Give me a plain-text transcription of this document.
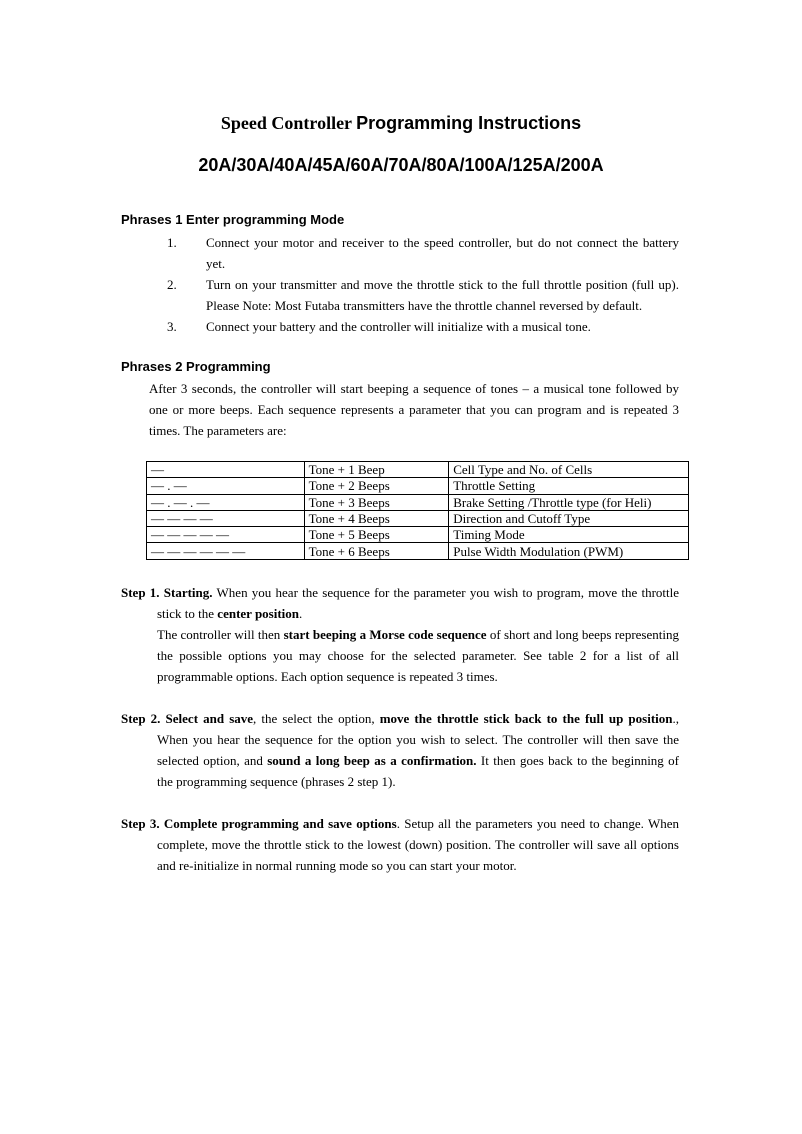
Speed Controller Programming Instructions
20A/30A/40A/45A/60A/70A/80A/100A/125A/200A
Phrases 1 Enter programming Mode
1. Connect your motor and receiver to the speed controller, but do not connect the battery yet.
2. Turn on your transmitter and move the throttle stick to the full throttle position (full up). Please Note: Most Futaba transmitters have the throttle channel reversed by default.
3. Connect your battery and the controller will initialize with a musical tone.
Phrases 2 Programming

After 3 seconds, the controller will start beeping a sequence of tones – a musical tone followed by one or more beeps. Each sequence represents a parameter that you can program and is repeated 3 times. The parameters are:

—	Tone + 1 Beep	Cell Type and No. of Cells
— . —	Tone + 2 Beeps	Throttle Setting
— . — . —	Tone + 3 Beeps	Brake Setting /Throttle type (for Heli)
— — — —	Tone + 4 Beeps	Direction and Cutoff Type
— — — — —	Tone + 5 Beeps	Timing Mode
— — — — — —	Tone + 6 Beeps	Pulse Width Modulation (PWM)

Step 1. Starting. When you hear the sequence for the parameter you wish to program, move the throttle stick to the center position.

The controller will then start beeping a Morse code sequence of short and long beeps representing the possible options you may choose for the selected parameter. See table 2 for a list of all programmable options. Each option sequence is repeated 3 times.

Step 2. Select and save, the select the option, move the throttle stick back to the full up position., When you hear the sequence for the option you wish to select. The controller will then save the selected option, and sound a long beep as a confirmation. It then goes back to the beginning of the programming sequence (phrases 2 step 1).

Step 3. Complete programming and save options. Setup all the parameters you need to change. When complete, move the throttle stick to the lowest (down) position. The controller will save all options and re-initialize in normal running mode so you can start your motor.
